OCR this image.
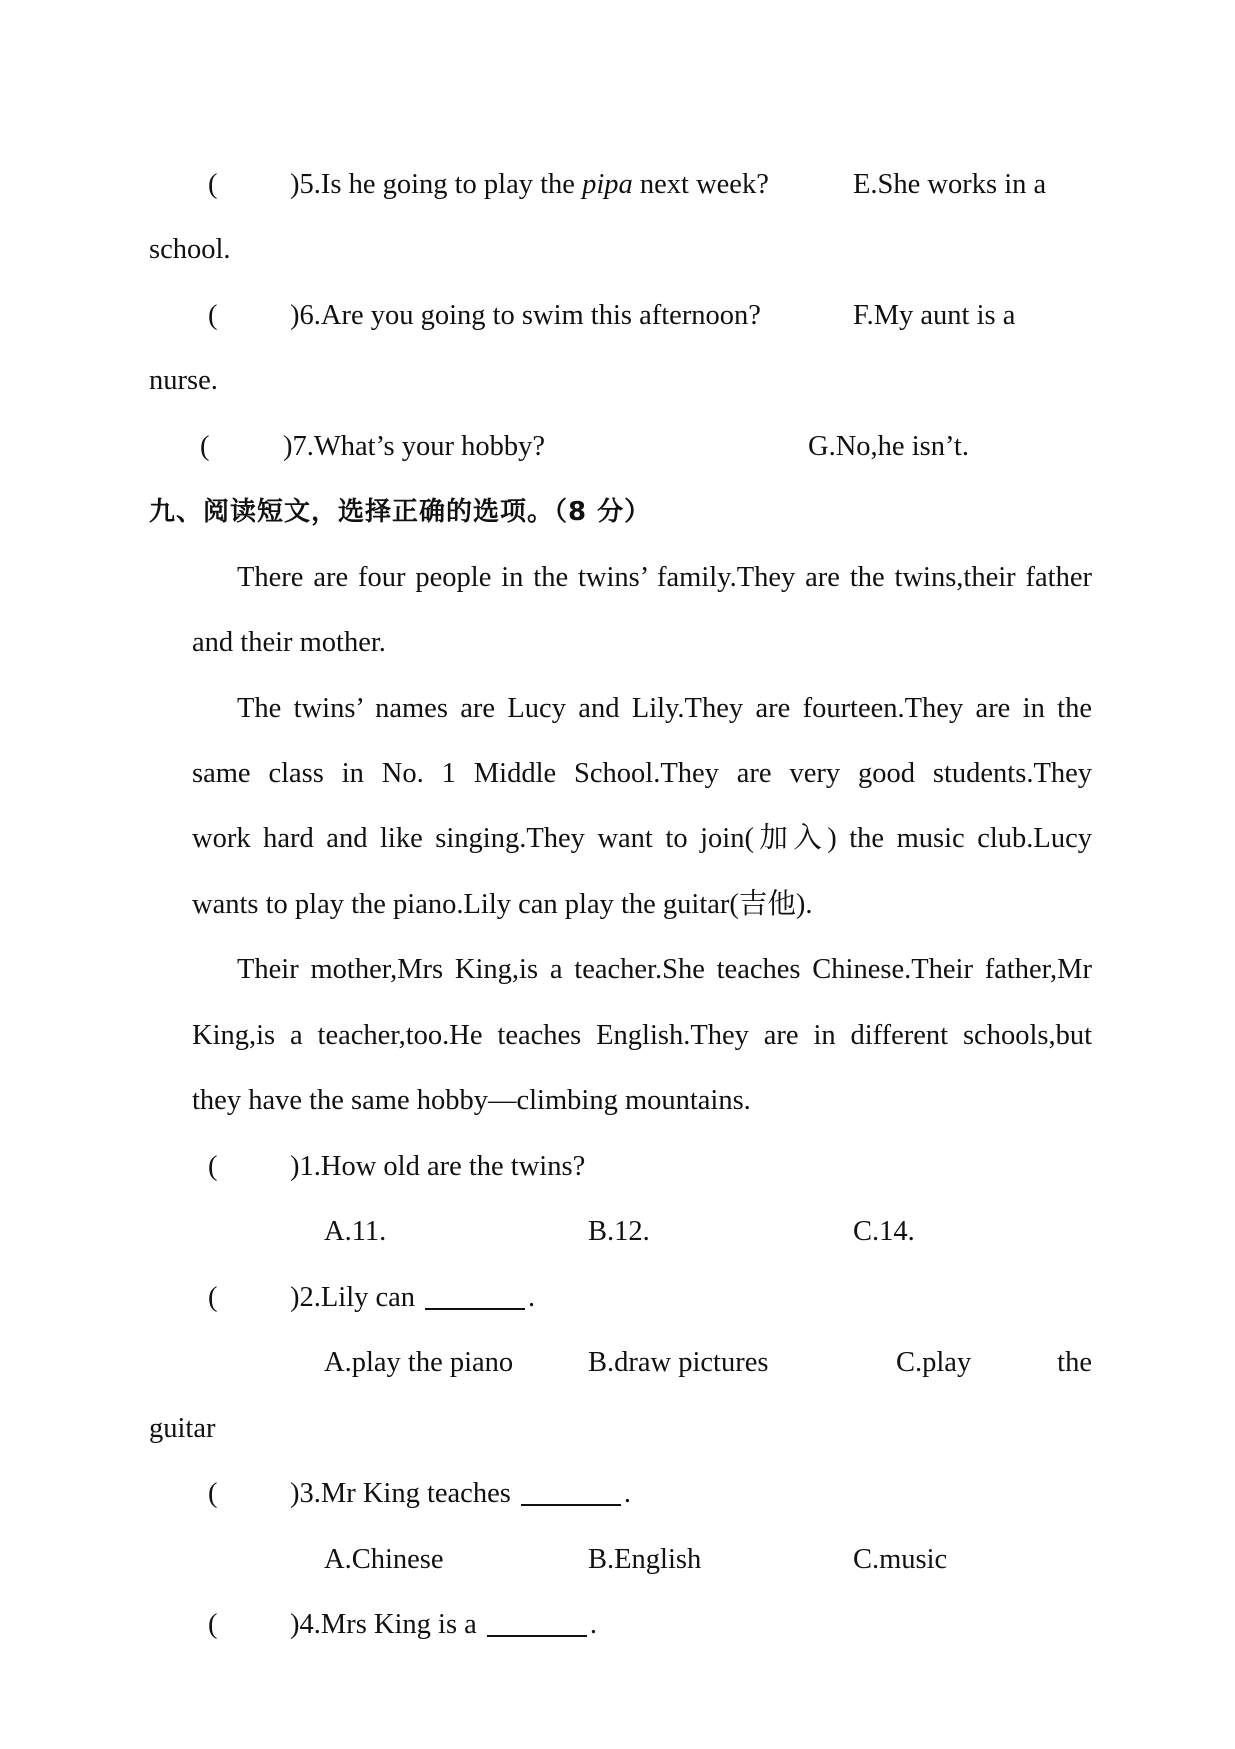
(	)5.Is he going to play the pipa next week?	E.She works in a
school.
(	)6.Are you going to swim this afternoon?	F.My aunt is a
nurse.
(	)7.What’s your hobby?	G.No,he isn’t.
九、阅读短文，选择正确的选项。（8 分）
There are four people in the twins’ family.They are the twins,their father
and their mother.
The twins’ names are Lucy and Lily.They are fourteen.They are in the
same class in No. 1 Middle School.They are very good students.They
work hard and like singing.They want to join(加入) the music club.Lucy
wants to play the piano.Lily can play the guitar(吉他).
Their mother,Mrs King,is a teacher.She teaches Chinese.Their father,Mr
King,is a teacher,too.He teaches English.They are in different schools,but
they have the same hobby—climbing mountains.
(	)1.How old are the twins?
A.11.	B.12.	C.14.
(	)2.Lily can	.
A.play the piano	B.draw pictures	C.play the
guitar
(	)3.Mr King teaches	.
A.Chinese	B.English	C.music
(	)4.Mrs King is a	.
